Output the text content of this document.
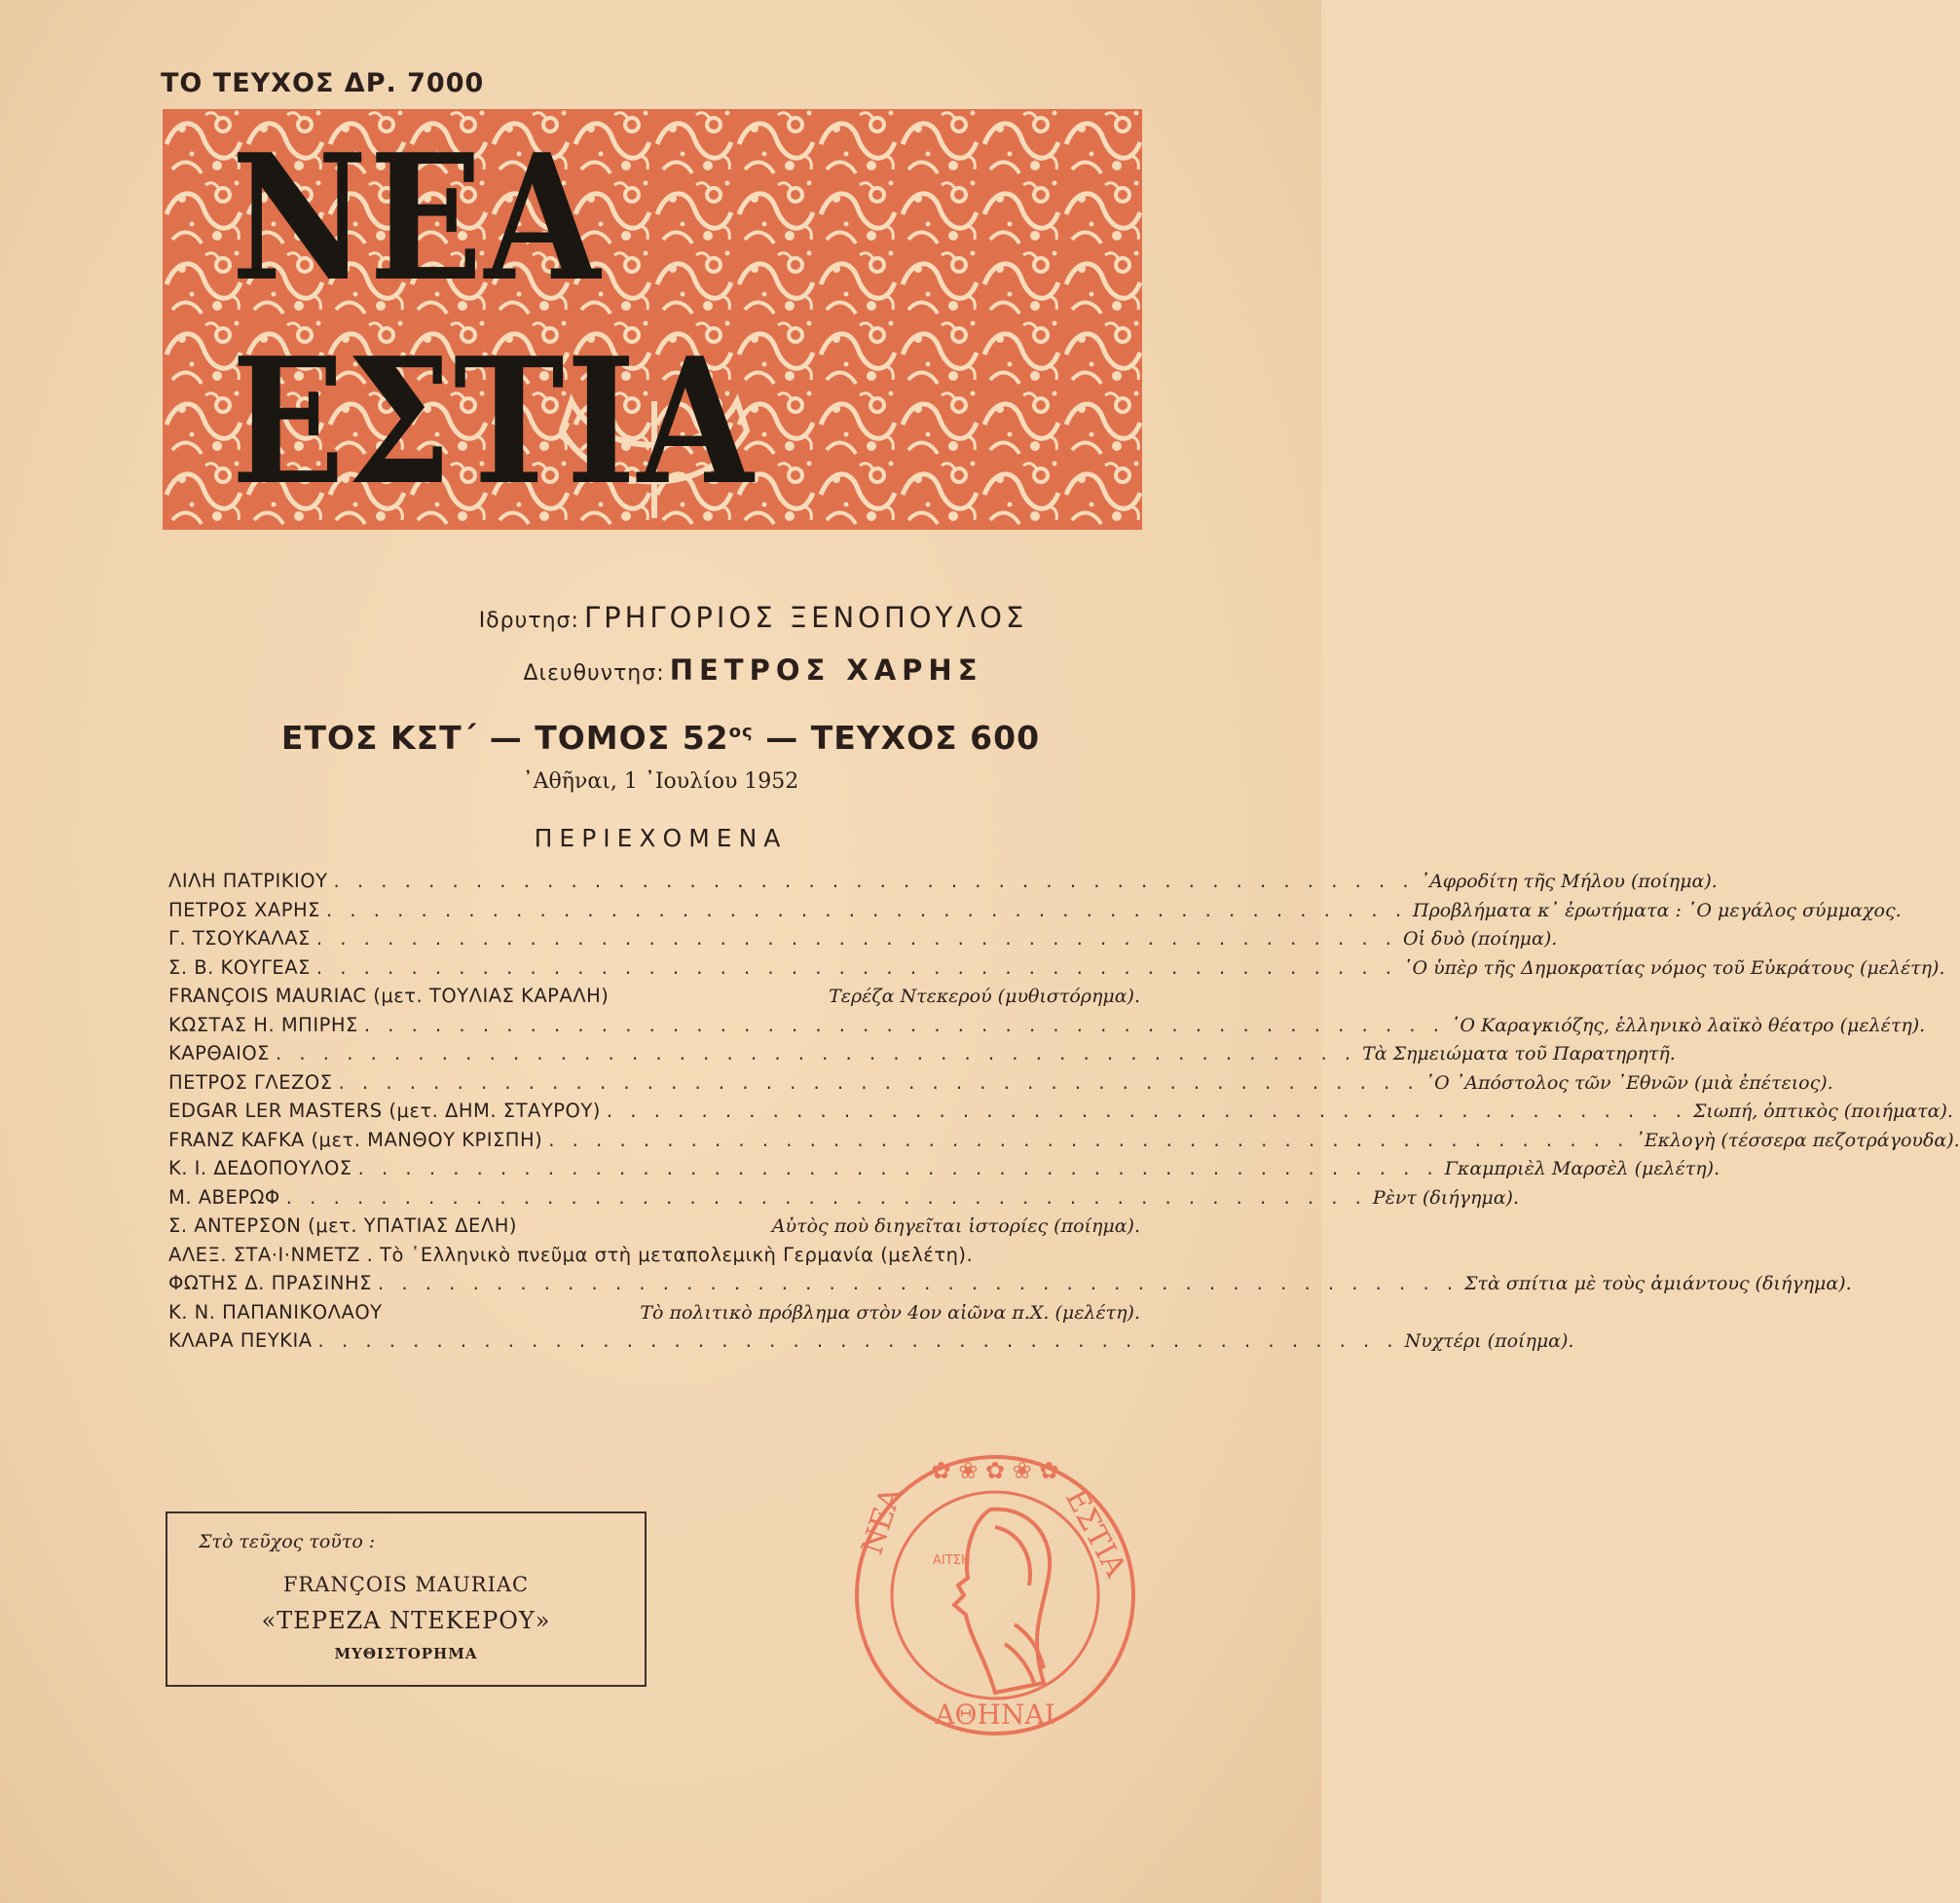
ΤΟ ΤΕΥΧΟΣ ΔΡ. 7000
ΝΕΑ ΕΣΤΙΑ
Ιδρυτησ: ΓΡΗΓΟΡΙΟΣ ΞΕΝΟΠΟΥΛΟΣ
Διευθυντησ: ΠΕΤΡΟΣ ΧΑΡΗΣ
ΕΤΟΣ ΚΣΤ΄ — ΤΟΜΟΣ $52^{o\varsigma}$ — ΤΕΥΧΟΣ 600
᾽Αθῆναι, 1 ᾽Ιουλίου 1952
ΠΕΡΙΕΧΟΜΕΝΑ
ΛΙΛΗ ΠΑΤΡΙΚΙΟΥ . . . . . . . . . . . . . . . . . . . . . . . . . . . . . . . . . . . . . . . . . . . . . . ᾽Αφροδίτη τῆς Μήλου (ποίημα).
ΠΕΤΡΟΣ ΧΑΡΗΣ . . . . . . . . . . . . . . . . . . . . . . . . . . . . . . . . . . . . . . . . . . . . . . Προβλήματα κ᾽ ἐρωτήματα : ῾Ο μεγάλος σύμμαχος.
Γ. ΤΣΟΥΚΑΛΑΣ . . . . . . . . . . . . . . . . . . . . . . . . . . . . . . . . . . . . . . . . . . . . . . Οἱ δυὸ (ποίημα).
Σ. Β. ΚΟΥΓΕΑΣ . . . . . . . . . . . . . . . . . . . . . . . . . . . . . . . . . . . . . . . . . . . . . . ῾Ο ὑπὲρ τῆς Δημοκρατίας νόμος τοῦ Εὐκράτους (μελέτη).
FRANÇOIS MAURIAC (μετ. ΤΟΥΛΙΑΣ ΚΑΡΑΛΗ)
	Τερέζα Ντεκερού (μυθιστόρημα).
ΚΩΣΤΑΣ Η. ΜΠΙΡΗΣ . . . . . . . . . . . . . . . . . . . . . . . . . . . . . . . . . . . . . . . . . . . . . . ῾Ο Καραγκιόζης, ἑλληνικὸ λαϊκὸ θέατρο (μελέτη).
ΚΑΡΘΑΙΟΣ . . . . . . . . . . . . . . . . . . . . . . . . . . . . . . . . . . . . . . . . . . . . . . Τὰ Σημειώματα τοῦ Παρατηρητῆ.
ΠΕΤΡΟΣ ΓΛΕΖΟΣ . . . . . . . . . . . . . . . . . . . . . . . . . . . . . . . . . . . . . . . . . . . . . . ῾Ο ᾽Απόστολος τῶν ᾽Εθνῶν (μιὰ ἐπέτειος).
EDGAR LER MASTERS (μετ. ΔΗΜ. ΣΤΑΥΡΟΥ) . . . . . . . . . . . . . . . . . . . . . . . . . . . . . . . . . . . . . . . . . . . . . . Σιωπή, ὀπτικὸς (ποιήματα).
FRANZ KAFKA (μετ. ΜΑΝΘΟΥ ΚΡΙΣΠΗ) . . . . . . . . . . . . . . . . . . . . . . . . . . . . . . . . . . . . . . . . . . . . . . ᾽Εκλογὴ (τέσσερα πεζοτράγουδα).
Κ. Ι. ΔΕΔΟΠΟΥΛΟΣ . . . . . . . . . . . . . . . . . . . . . . . . . . . . . . . . . . . . . . . . . . . . . . Γκαμπριὲλ Μαρσὲλ (μελέτη).
Μ. ΑΒΕΡΩΦ . . . . . . . . . . . . . . . . . . . . . . . . . . . . . . . . . . . . . . . . . . . . . . Ρὲντ (διήγημα).
Σ. ΑΝΤΕΡΣΟΝ (μετ. ΥΠΑΤΙΑΣ ΔΕΛΗ)
	Αὐτὸς ποὺ διηγεῖται ἱστορίες (ποίημα).
ΑΛΕΞ. ΣΤΑ·Ι·ΝΜΕΤΖ . Τὸ ῾Ελληνικὸ πνεῦμα στὴ μεταπολεμικὴ Γερμανία (μελέτη).

ΦΩΤΗΣ Δ. ΠΡΑΣΙΝΗΣ . . . . . . . . . . . . . . . . . . . . . . . . . . . . . . . . . . . . . . . . . . . . . . Στὰ σπίτια μὲ τοὺς ἀμιάντους (διήγημα).
Κ. Ν. ΠΑΠΑΝΙΚΟΛΑΟΥ
	Τὸ πολιτικὸ πρόβλημα στὸν 4ον αἰῶνα π.Χ. (μελέτη).
ΚΛΑΡΑ ΠΕΥΚΙΑ . . . . . . . . . . . . . . . . . . . . . . . . . . . . . . . . . . . . . . . . . . . . . . Νυχτέρι (ποίημα).
Στὸ τεῦχος τοῦτο :
FRANÇOIS MAURIAC
«ΤΕΡΕΖΑ ΝΤΕΚΕΡΟΥ»
ΜΥΘΙΣΤΟΡΗΜΑ
✿ ❀ ✿ ❀ ✿
ΝΕΑ	ΕΣΤΙΑ
ΑΘΗΝΑΙ
ΑΙΤΣΗ
